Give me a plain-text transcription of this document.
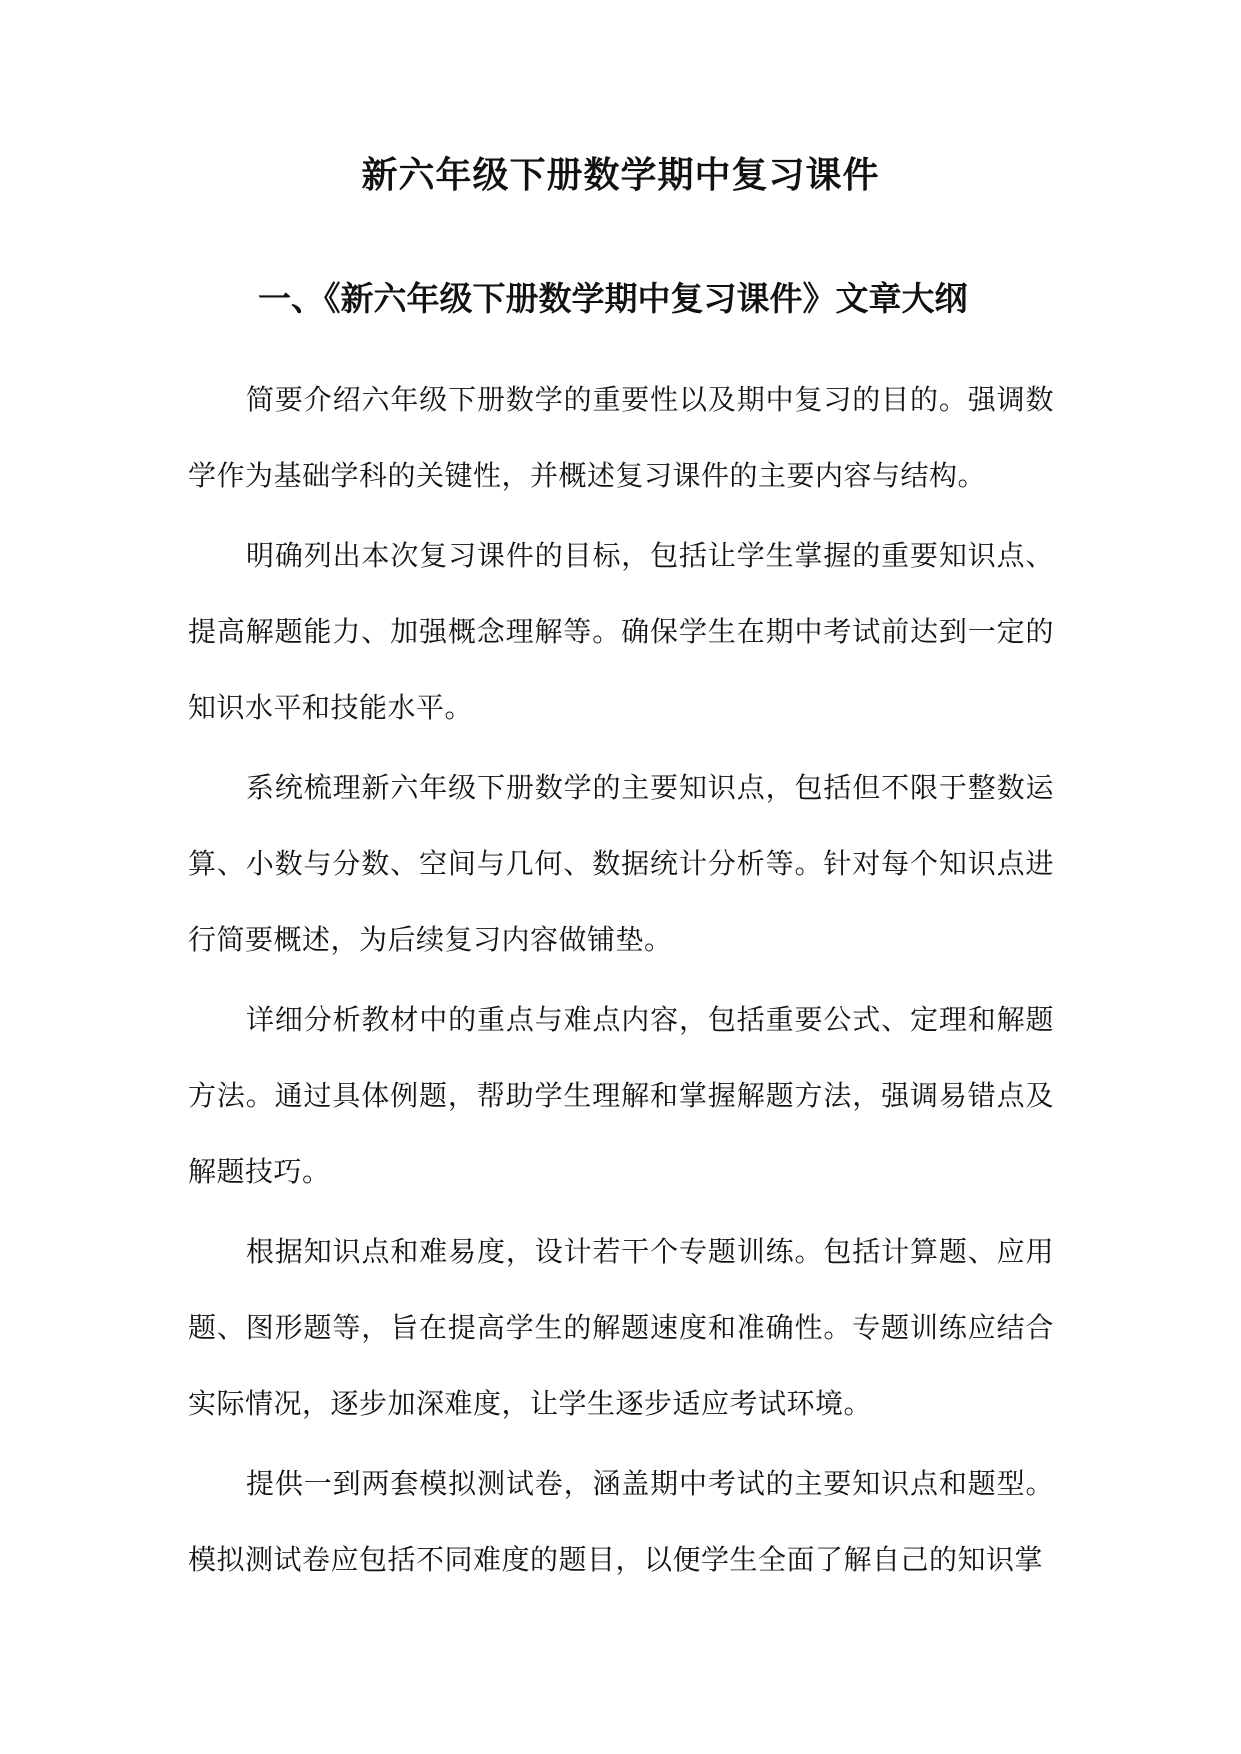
新六年级下册数学期中复习课件
一、《新六年级下册数学期中复习课件》文章大纲

简要介绍六年级下册数学的重要性以及期中复习的目的。强调数学作为基础学科的关键性，并概述复习课件的主要内容与结构。

明确列出本次复习课件的目标，包括让学生掌握的重要知识点、提高解题能力、加强概念理解等。确保学生在期中考试前达到一定的知识水平和技能水平。

系统梳理新六年级下册数学的主要知识点，包括但不限于整数运算、小数与分数、空间与几何、数据统计分析等。针对每个知识点进行简要概述，为后续复习内容做铺垫。

详细分析教材中的重点与难点内容，包括重要公式、定理和解题方法。通过具体例题，帮助学生理解和掌握解题方法，强调易错点及解题技巧。

根据知识点和难易度，设计若干个专题训练。包括计算题、应用题、图形题等，旨在提高学生的解题速度和准确性。专题训练应结合实际情况，逐步加深难度，让学生逐步适应考试环境。

提供一到两套模拟测试卷，涵盖期中考试的主要知识点和题型。模拟测试卷应包括不同难度的题目，以便学生全面了解自己的知识掌
